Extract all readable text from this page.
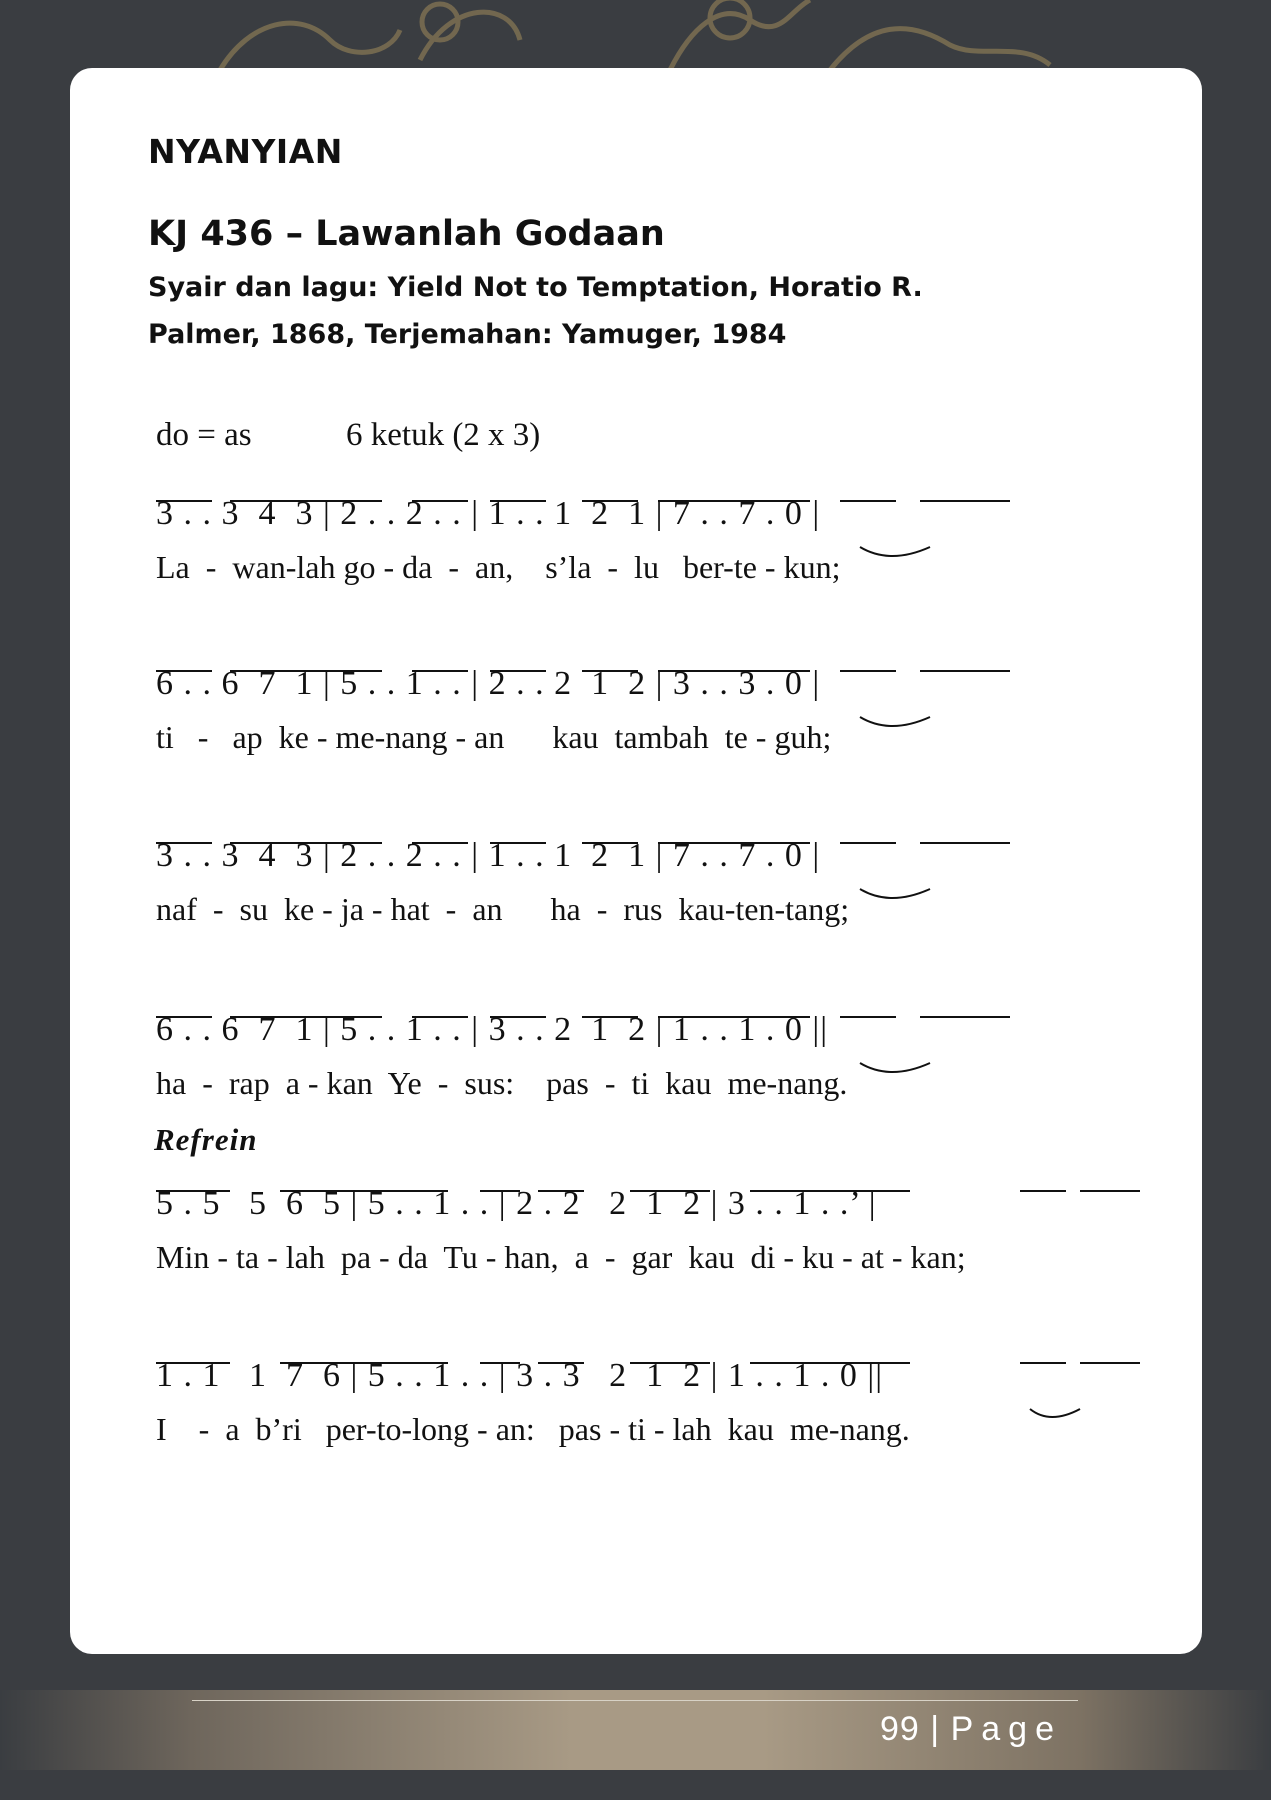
NYANYIAN
KJ 436 – Lawanlah Godaan
Syair dan lagu: Yield Not to Temptation, Horatio R.
Palmer, 1868, Terjemahan: Yamuger, 1984
do = as	6 ketuk (2 x 3)
3 . . 3  4  3 | 2 . . 2 . . | 1 . . 1  2  1 | 7 . . 7 . 0 |
La  -  wan-lah go - da  -  an,    s’la  -  lu   ber-te - kun;
6 . . 6  7  1 | 5 . . 1 . . | 2 . . 2  1  2 | 3 . . 3 . 0 |
ti   -   ap  ke - me-nang - an      kau  tambah  te - guh;
3 . . 3  4  3 | 2 . . 2 . . | 1 . . 1  2  1 | 7 . . 7 . 0 |
naf  -  su  ke - ja - hat  -  an      ha  -  rus  kau-ten-tang;
6 . . 6  7  1 | 5 . . 1 . . | 3 . . 2  1  2 | 1 . . 1 . 0 ||
ha  -  rap  a - kan  Ye  -  sus:    pas  -  ti  kau  me-nang.
Refrein
5 . 5   5  6  5 | 5 . . 1 . . | 2 . 2   2  1  2 | 3 . . 1 . .’ |
Min - ta - lah  pa - da  Tu - han,  a  -  gar  kau  di - ku - at - kan;
1 . 1   1  7  6 | 5 . . 1 . . | 3 . 3   2  1  2 | 1 . . 1 . 0 ||
I    -  a  b’ri   per-to-long - an:   pas - ti - lah  kau  me-nang.
99 | Page
